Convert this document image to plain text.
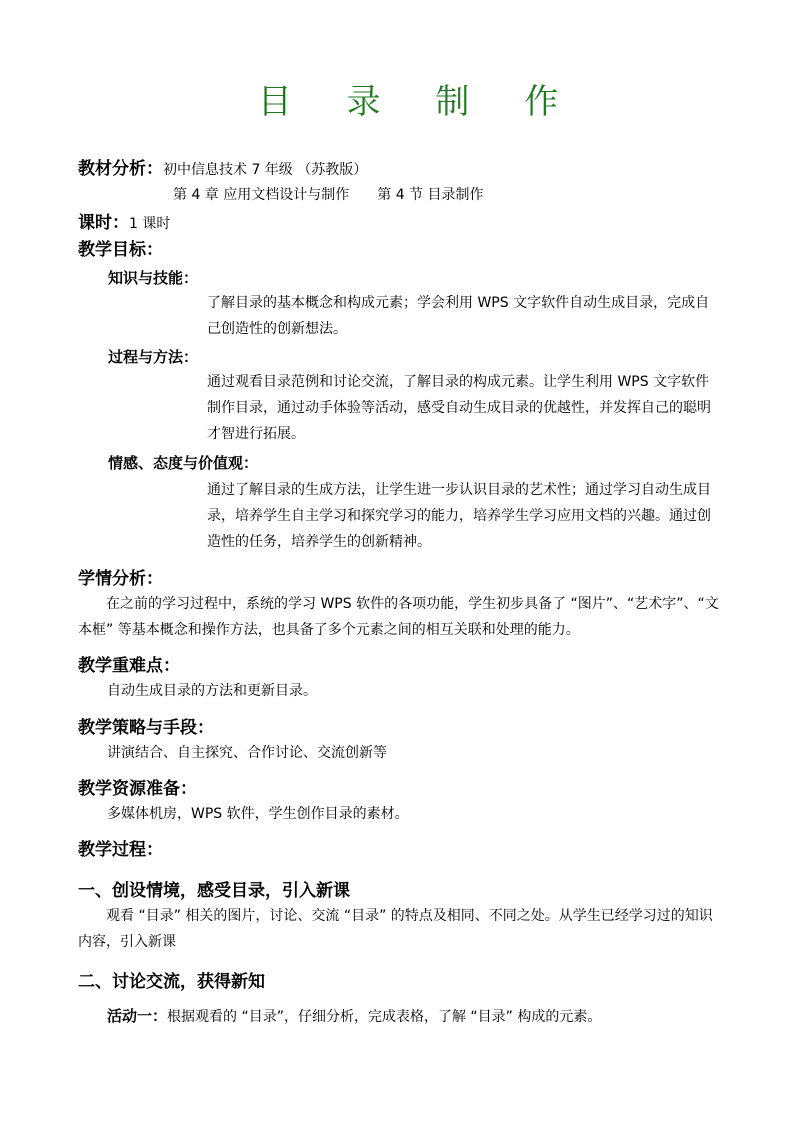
目 录 制 作
教材分析：初中信息技术 7 年级 （苏教版）
第 4 章 应用文档设计与制作　　第 4 节 目录制作
课时：1 课时
教学目标：
知识与技能：
了解目录的基本概念和构成元素；学会利用 WPS 文字软件自动生成目录，完成自己创造性的创新想法。
过程与方法：
通过观看目录范例和讨论交流，了解目录的构成元素。让学生利用 WPS 文字软件制作目录，通过动手体验等活动，感受自动生成目录的优越性，并发挥自己的聪明才智进行拓展。
情感、态度与价值观：
通过了解目录的生成方法，让学生进一步认识目录的艺术性；通过学习自动生成目录，培养学生自主学习和探究学习的能力，培养学生学习应用文档的兴趣。通过创造性的任务，培养学生的创新精神。
学情分析：
在之前的学习过程中，系统的学习 WPS 软件的各项功能，学生初步具备了 “图片”、“艺术字”、“文本框” 等基本概念和操作方法，也具备了多个元素之间的相互关联和处理的能力。
教学重难点：
自动生成目录的方法和更新目录。
教学策略与手段：
讲演结合、自主探究、合作讨论、交流创新等
教学资源准备：
多媒体机房，WPS 软件，学生创作目录的素材。
教学过程：
一、创设情境，感受目录，引入新课
观看 “目录” 相关的图片，讨论、交流 “目录” 的特点及相同、不同之处。从学生已经学习过的知识内容，引入新课
二、讨论交流，获得新知
活动一：根据观看的 “目录”，仔细分析，完成表格，了解 “目录” 构成的元素。
